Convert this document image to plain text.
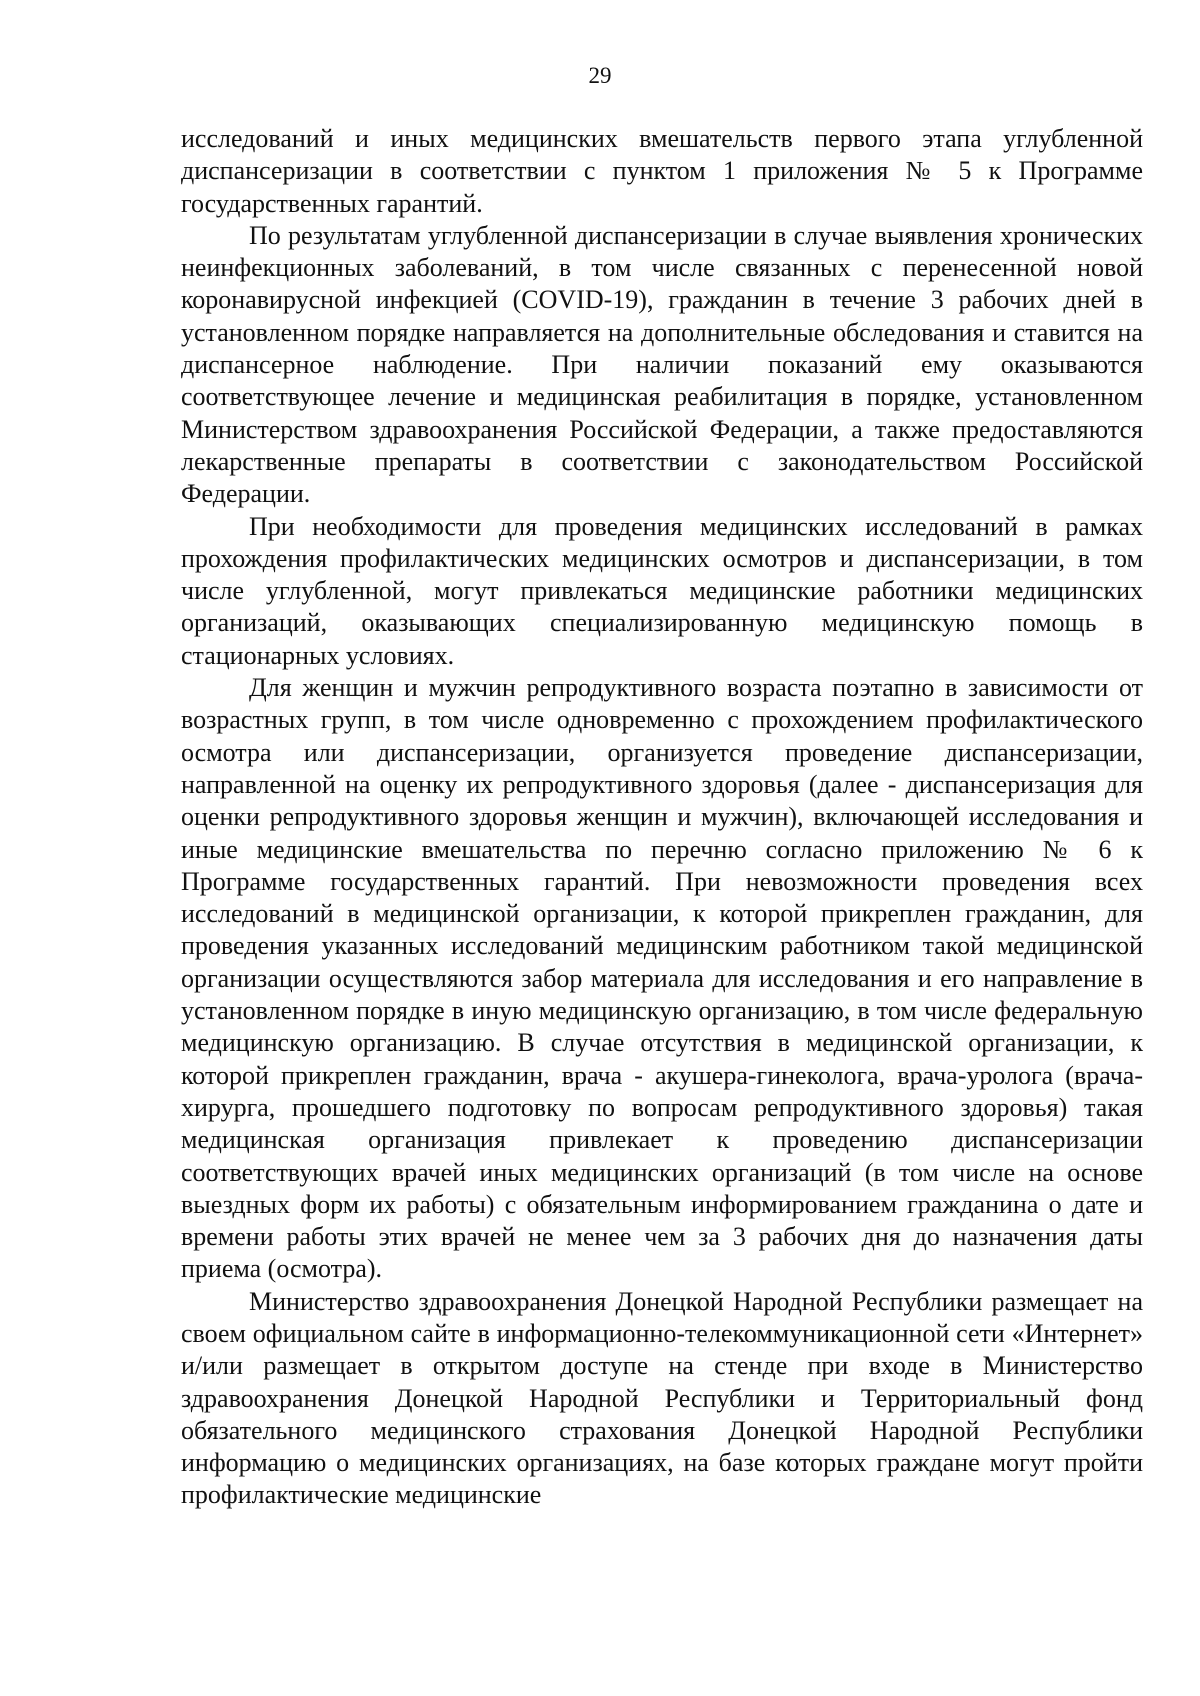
29

исследований и иных медицинских вмешательств первого этапа углубленной диспансеризации в соответствии с пунктом 1 приложения № 5 к Программе государственных гарантий.

По результатам углубленной диспансеризации в случае выявления хронических неинфекционных заболеваний, в том числе связанных с перенесенной новой коронавирусной инфекцией (COVID-19), гражданин в течение 3 рабочих дней в установленном порядке направляется на дополнительные обследования и ставится на диспансерное наблюдение. При наличии показаний ему оказываются соответствующее лечение и медицинская реабилитация в порядке, установленном Министерством здравоохранения Российской Федерации, а также предоставляются лекарственные препараты в соответствии с законодательством Российской Федерации.

При необходимости для проведения медицинских исследований в рамках прохождения профилактических медицинских осмотров и диспансеризации, в том числе углубленной, могут привлекаться медицинские работники медицинских организаций, оказывающих специализированную медицинскую помощь в стационарных условиях.

Для женщин и мужчин репродуктивного возраста поэтапно в зависимости от возрастных групп, в том числе одновременно с прохождением профилактического осмотра или диспансеризации, организуется проведение диспансеризации, направленной на оценку их репродуктивного здоровья (далее - диспансеризация для оценки репродуктивного здоровья женщин и мужчин), включающей исследования и иные медицинские вмешательства по перечню согласно приложению № 6 к Программе государственных гарантий. При невозможности проведения всех исследований в медицинской организации, к которой прикреплен гражданин, для проведения указанных исследований медицинским работником такой медицинской организации осуществляются забор материала для исследования и его направление в установленном порядке в иную медицинскую организацию, в том числе федеральную медицинскую организацию. В случае отсутствия в медицинской организации, к которой прикреплен гражданин, врача - акушера-гинеколога, врача-уролога (врача-хирурга, прошедшего подготовку по вопросам репродуктивного здоровья) такая медицинская организация привлекает к проведению диспансеризации соответствующих врачей иных медицинских организаций (в том числе на основе выездных форм их работы) с обязательным информированием гражданина о дате и времени работы этих врачей не менее чем за 3 рабочих дня до назначения даты приема (осмотра).

Министерство здравоохранения Донецкой Народной Республики размещает на своем официальном сайте в информационно-телекоммуникационной сети «Интернет» и/или размещает в открытом доступе на стенде при входе в Министерство здравоохранения Донецкой Народной Республики и Территориальный фонд обязательного медицинского страхования Донецкой Народной Республики информацию о медицинских организациях, на базе которых граждане могут пройти профилактические медицинские
